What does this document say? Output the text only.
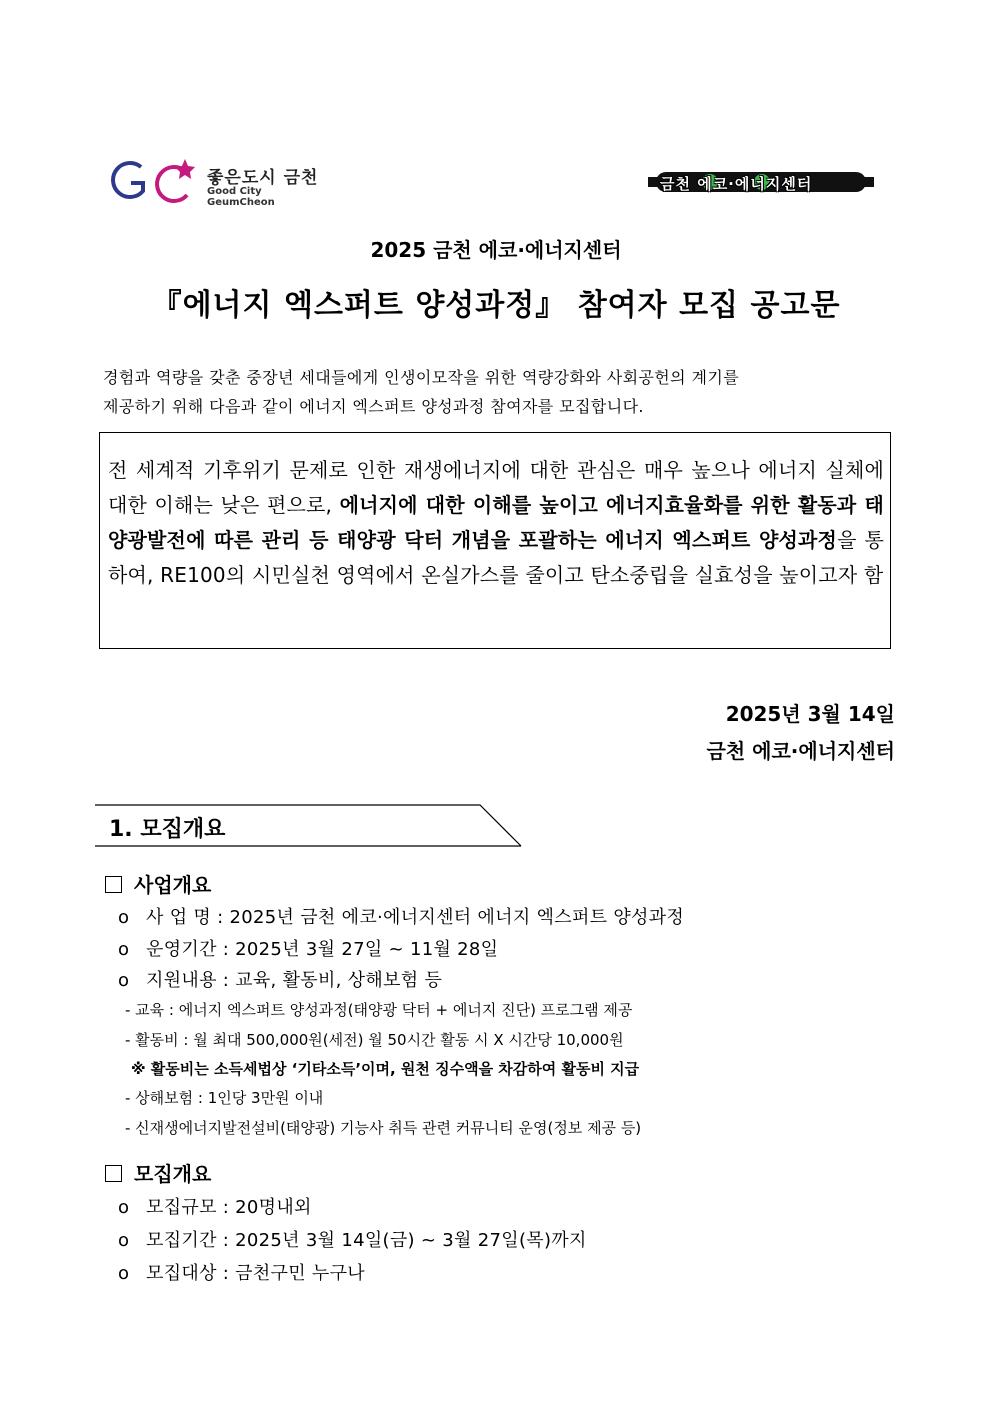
좋은도시 금천
Good City GeumCheon
금천 에코·에너지센터
2025 금천 에코·에너지센터
『에너지 엑스퍼트 양성과정』 참여자 모집 공고문
경험과 역량을 갖춘 중장년 세대들에게 인생이모작을 위한 역량강화와 사회공헌의 계기를
제공하기 위해 다음과 같이 에너지 엑스퍼트 양성과정 참여자를 모집합니다.
전 세계적 기후위기 문제로 인한 재생에너지에 대한 관심은 매우 높으나 에너지 실체에 대한 이해는 낮은 편으로, 에너지에 대한 이해를 높이고 에너지효율화를 위한 활동과 태양광발전에 따른 관리 등 태양광 닥터 개념을 포괄하는 에너지 엑스퍼트 양성과정을 통하여, RE100의 시민실천 영역에서 온실가스를 줄이고 탄소중립을 실효성을 높이고자 함
2025년 3월 14일
금천 에코·에너지센터
1. 모집개요
사업개요
o 사 업 명 : 2025년 금천 에코·에너지센터 에너지 엑스퍼트 양성과정
o 운영기간 : 2025년 3월 27일 ~ 11월 28일
o 지원내용 : 교육, 활동비, 상해보험 등
- 교육 : 에너지 엑스퍼트 양성과정(태양광 닥터 + 에너지 진단) 프로그램 제공
- 활동비 : 월 최대 500,000원(세전) 월 50시간 활동 시 X 시간당 10,000원
※ 활동비는 소득세법상 ‘기타소득’이며, 원천 징수액을 차감하여 활동비 지급
- 상해보험 : 1인당 3만원 이내
- 신재생에너지발전설비(태양광) 기능사 취득 관련 커뮤니티 운영(정보 제공 등)
모집개요
o 모집규모 : 20명내외
o 모집기간 : 2025년 3월 14일(금) ~ 3월 27일(목)까지
o 모집대상 : 금천구민 누구나
